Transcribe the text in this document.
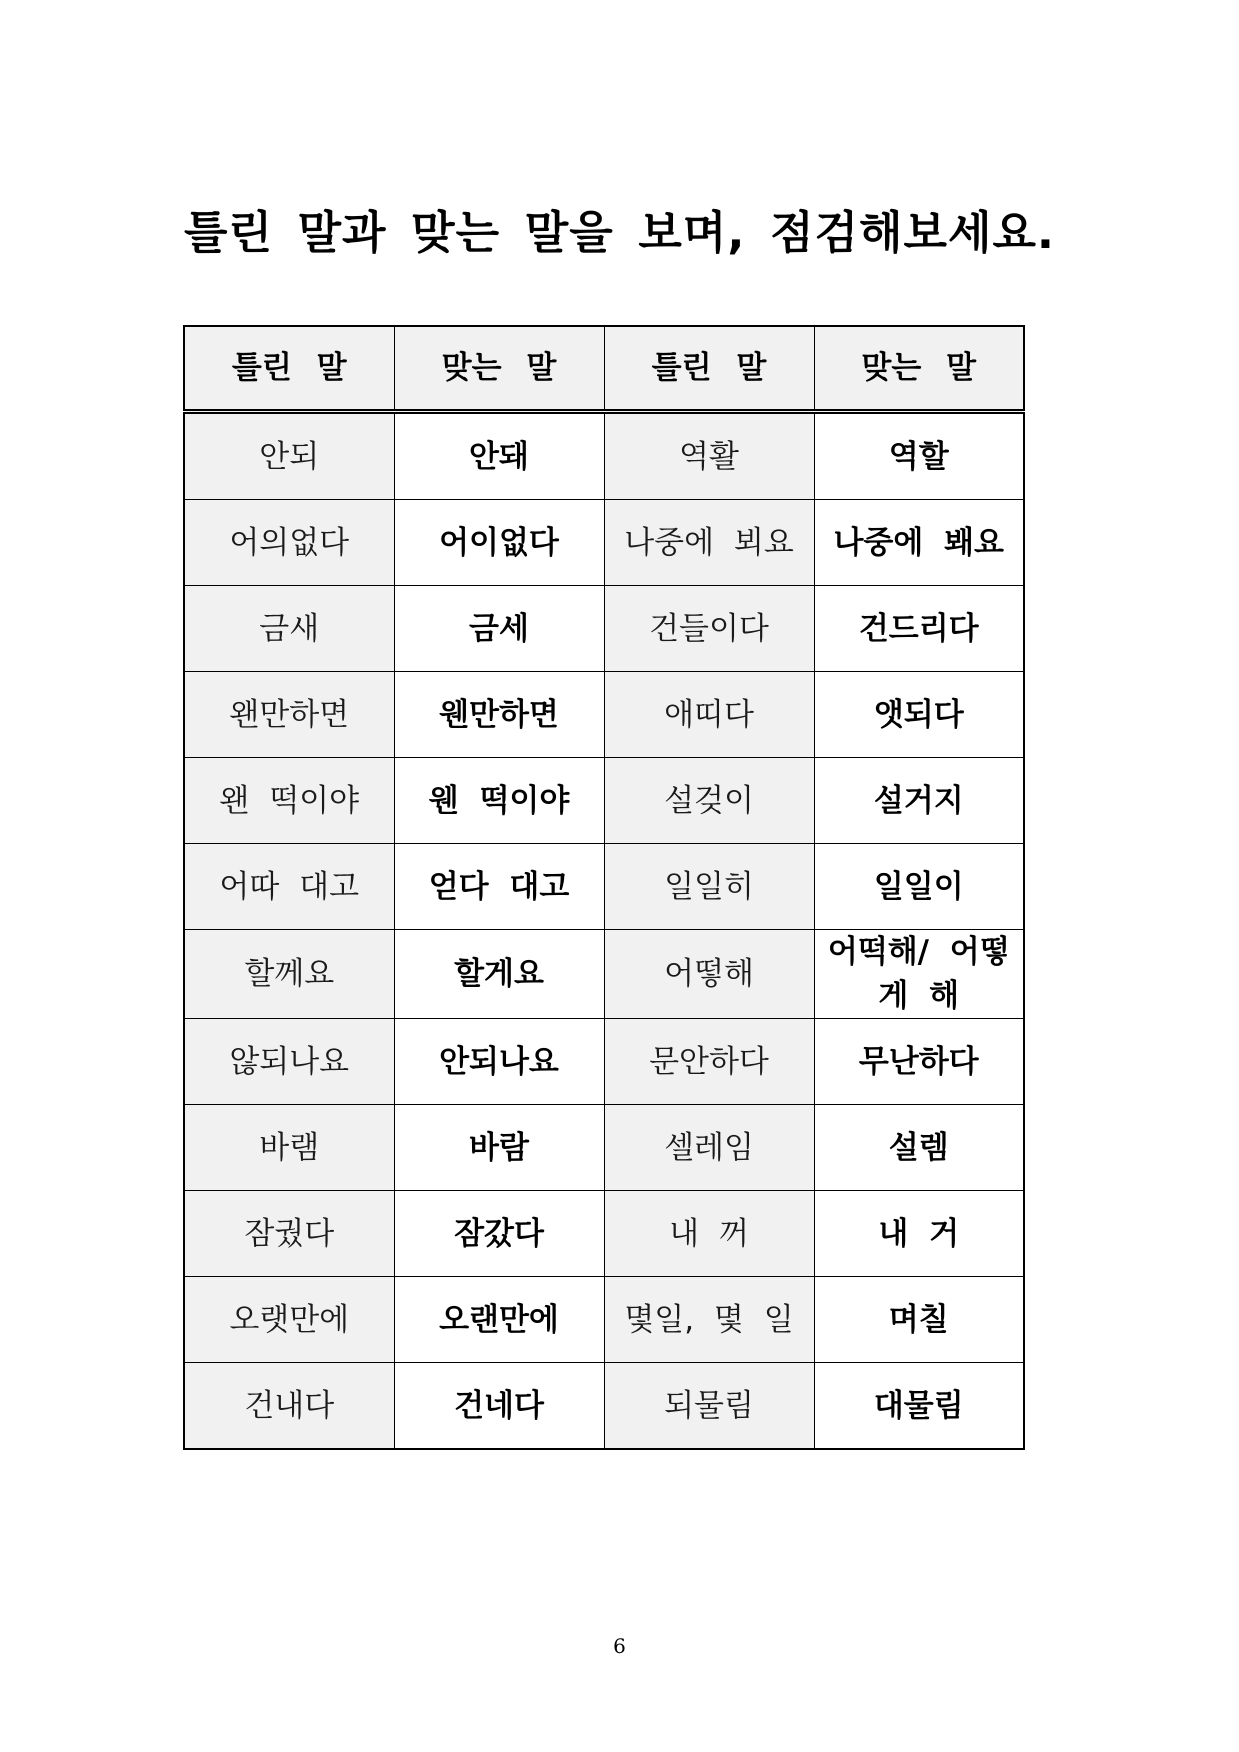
틀린 말과 맞는 말을 보며, 점검해보세요.
틀린 말	맞는 말	틀린 말	맞는 말
안되	안돼	역활	역할
어의없다	어이없다	나중에 뵈요	나중에 봬요
금새	금세	건들이다	건드리다
왠만하면	웬만하면	애띠다	앳되다
왠 떡이야	웬 떡이야	설겆이	설거지
어따 대고	얻다 대고	일일히	일일이
할께요	할게요	어떻해	어떡해/ 어떻게 해
않되나요	안되나요	문안하다	무난하다
바램	바람	셀레임	설렘
잠궜다	잠갔다	내 꺼	내 거
오랫만에	오랜만에	몇일, 몇 일	며칠
건내다	건네다	되물림	대물림
6
